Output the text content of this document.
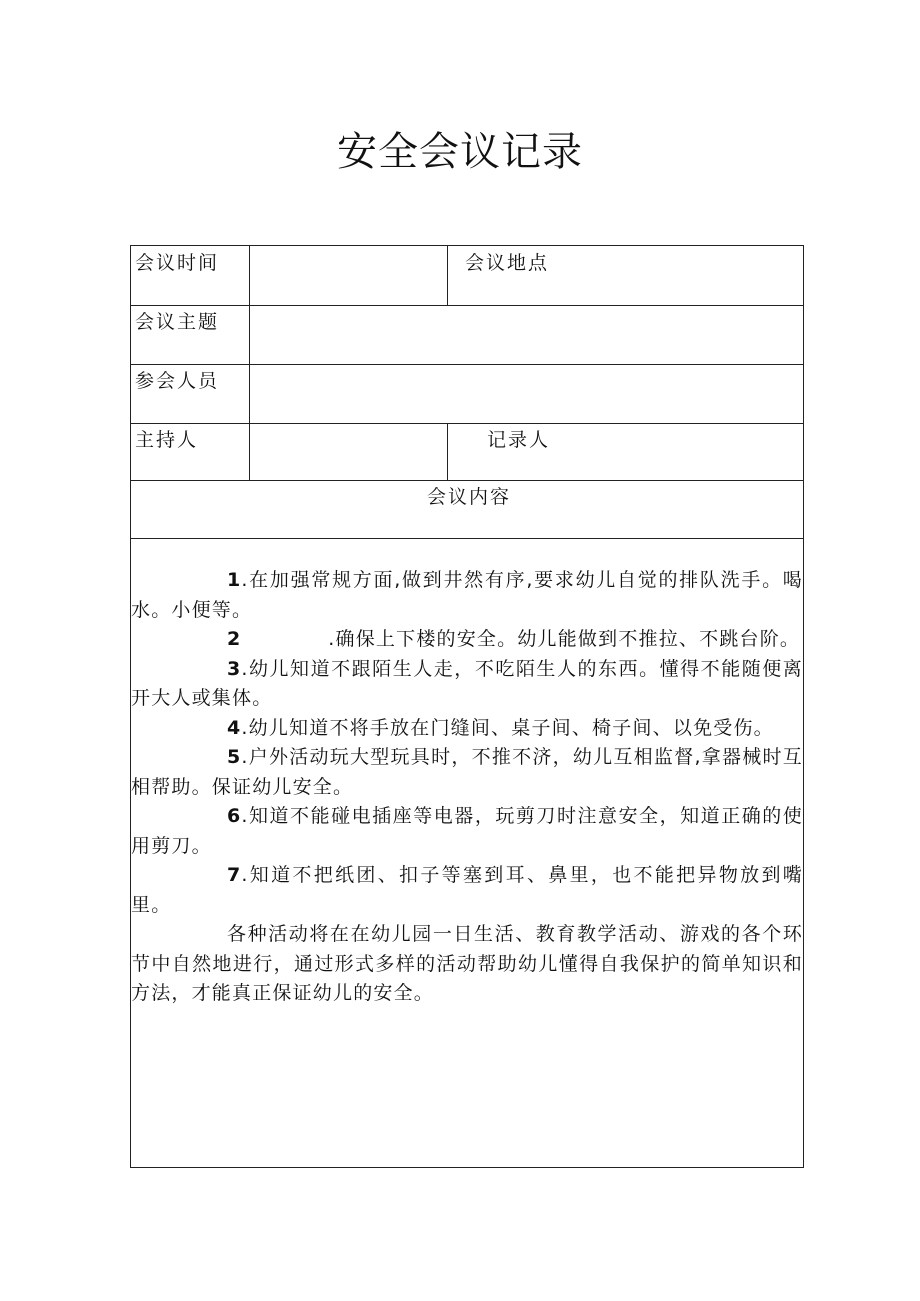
安全会议记录
会议时间	会议地点
会议主题
参会人员
主持人	记录人
会议内容

1.在加强常规方面,做到井然有序,要求幼儿自觉的排队洗手。喝水。小便等。

2            .确保上下楼的安全。幼儿能做到不推拉、不跳台阶。

3.幼儿知道不跟陌生人走，不吃陌生人的东西。懂得不能随便离开大人或集体。

4.幼儿知道不将手放在门缝间、桌子间、椅子间、以免受伤。

5.户外活动玩大型玩具时，不推不济，幼儿互相监督,拿器械时互相帮助。保证幼儿安全。

6.知道不能碰电插座等电器，玩剪刀时注意安全，知道正确的使用剪刀。

7.知道不把纸团、扣子等塞到耳、鼻里，也不能把异物放到嘴里。

各种活动将在在幼儿园一日生活、教育教学活动、游戏的各个环节中自然地进行，通过形式多样的活动帮助幼儿懂得自我保护的简单知识和方法，才能真正保证幼儿的安全。
